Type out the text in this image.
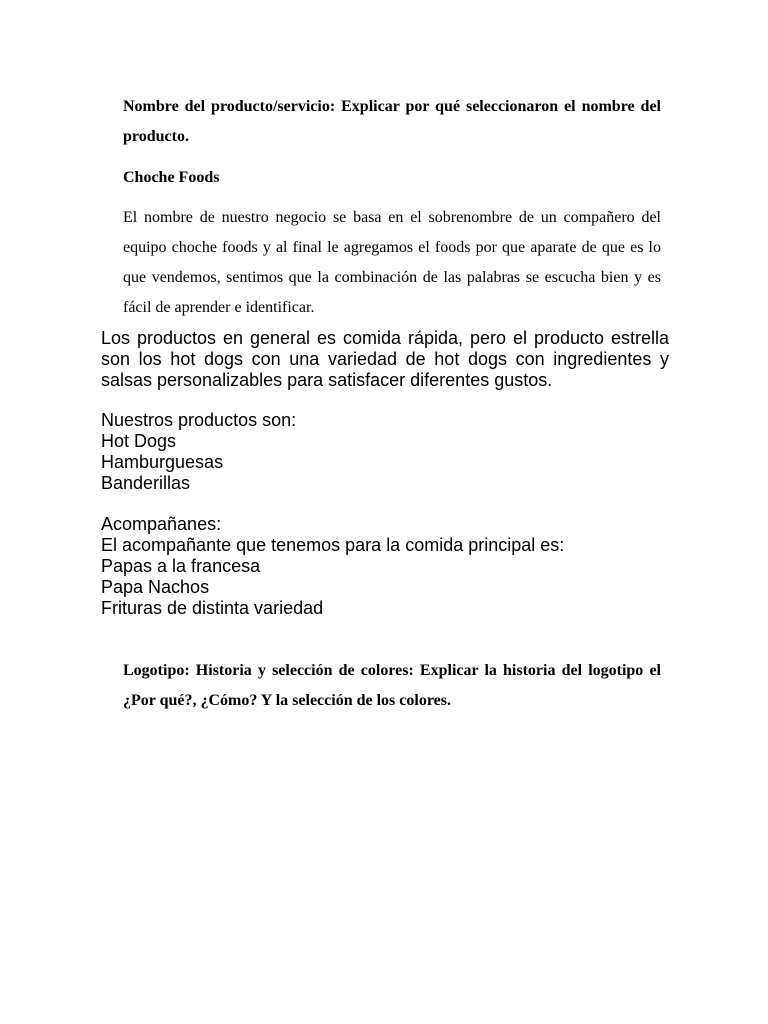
Nombre del producto/servicio: Explicar por qué seleccionaron el nombre del producto.

Choche Foods

El nombre de nuestro negocio se basa en el sobrenombre de un compañero del equipo choche foods y al final le agregamos el foods por que aparate de que es lo que vendemos, sentimos que la combinación de las palabras se escucha bien y es fácil de aprender e identificar.

Los productos en general es comida rápida, pero el producto estrella son los hot dogs con una variedad de hot dogs con ingredientes y salsas personalizables para satisfacer diferentes gustos.

Nuestros productos son:
Hot Dogs
Hamburguesas
Banderillas
Acompañanes:
El acompañante que tenemos para la comida principal es:
Papas a la francesa
Papa Nachos
Frituras de distinta variedad

Logotipo: Historia y selección de colores: Explicar la historia del logotipo el ¿Por qué?, ¿Cómo? Y la selección de los colores.
